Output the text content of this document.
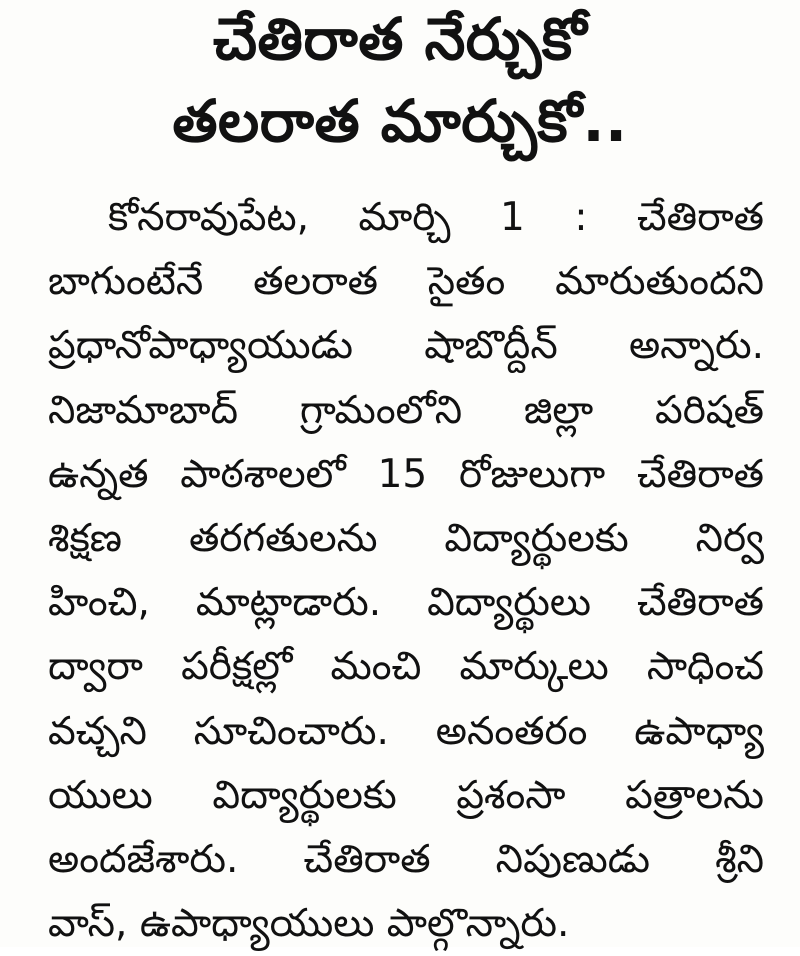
చేతిరాత నేర్చుకో
తలరాత మార్చుకో..
కోనరావుపేట, మార్చి 1 : చేతిరాత
బాగుంటేనే తలరాత సైతం మారుతుందని
ప్రధానోపాధ్యాయుడు షాబొద్దీన్ అన్నారు.
నిజామాబాద్ గ్రామంలోని జిల్లా పరిషత్
ఉన్నత పాఠశాలలో 15 రోజులుగా చేతిరాత
శిక్షణ తరగతులను విద్యార్థులకు నిర్వ
హించి, మాట్లాడారు. విద్యార్థులు చేతిరాత
ద్వారా పరీక్షల్లో మంచి మార్కులు సాధించ
వచ్చని సూచించారు. అనంతరం ఉపాధ్యా
యులు విద్యార్థులకు ప్రశంసా పత్రాలను
అందజేశారు. చేతిరాత నిపుణుడు శ్రీని
వాస్, ఉపాధ్యాయులు పాల్గొన్నారు.
